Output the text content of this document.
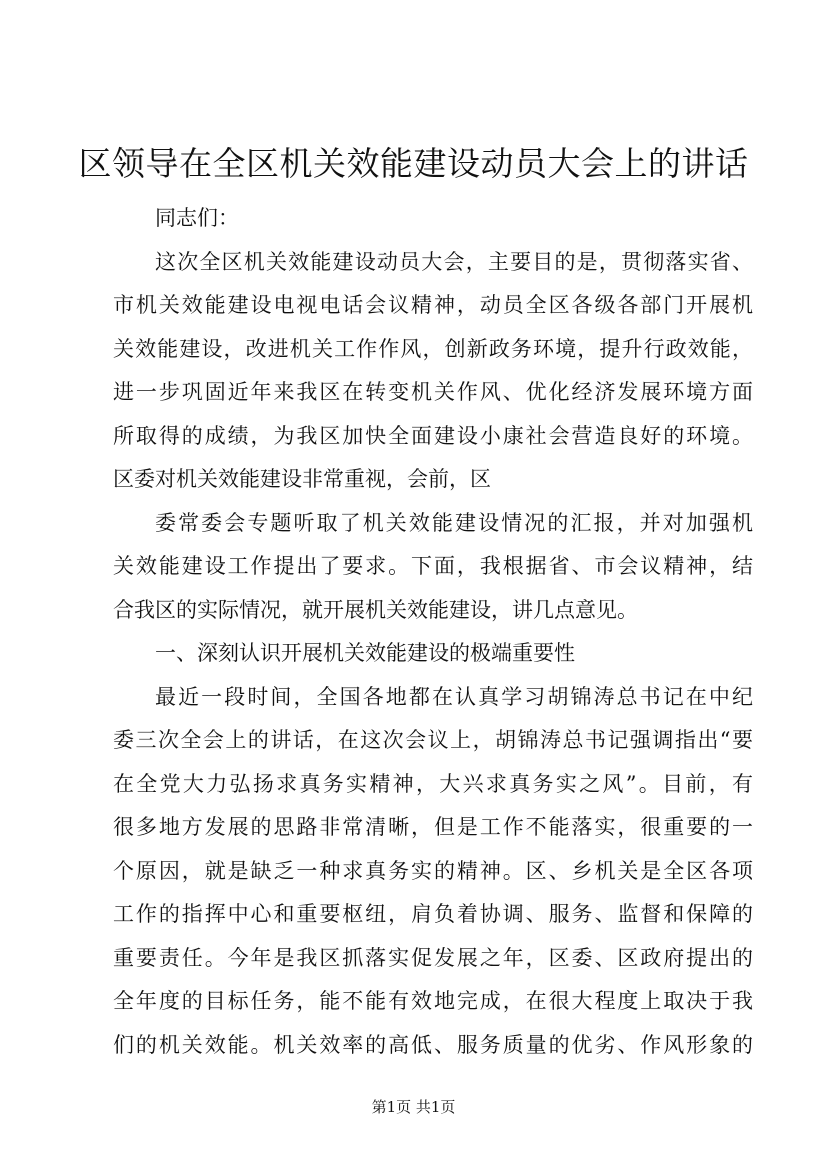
区领导在全区机关效能建设动员大会上的讲话
同志们：
这次全区机关效能建设动员大会，主要目的是，贯彻落实省、
市机关效能建设电视电话会议精神，动员全区各级各部门开展机
关效能建设，改进机关工作作风，创新政务环境，提升行政效能，
进一步巩固近年来我区在转变机关作风、优化经济发展环境方面
所取得的成绩，为我区加快全面建设小康社会营造良好的环境。
区委对机关效能建设非常重视，会前，区
委常委会专题听取了机关效能建设情况的汇报，并对加强机
关效能建设工作提出了要求。下面，我根据省、市会议精神，结
合我区的实际情况，就开展机关效能建设，讲几点意见。
一、深刻认识开展机关效能建设的极端重要性
最近一段时间，全国各地都在认真学习胡锦涛总书记在中纪
委三次全会上的讲话，在这次会议上，胡锦涛总书记强调指出“要
在全党大力弘扬求真务实精神，大兴求真务实之风”。目前，有
很多地方发展的思路非常清晰，但是工作不能落实，很重要的一
个原因，就是缺乏一种求真务实的精神。区、乡机关是全区各项
工作的指挥中心和重要枢纽，肩负着协调、服务、监督和保障的
重要责任。今年是我区抓落实促发展之年，区委、区政府提出的
全年度的目标任务，能不能有效地完成，在很大程度上取决于我
们的机关效能。机关效率的高低、服务质量的优劣、作风形象的
第1页 共1页
